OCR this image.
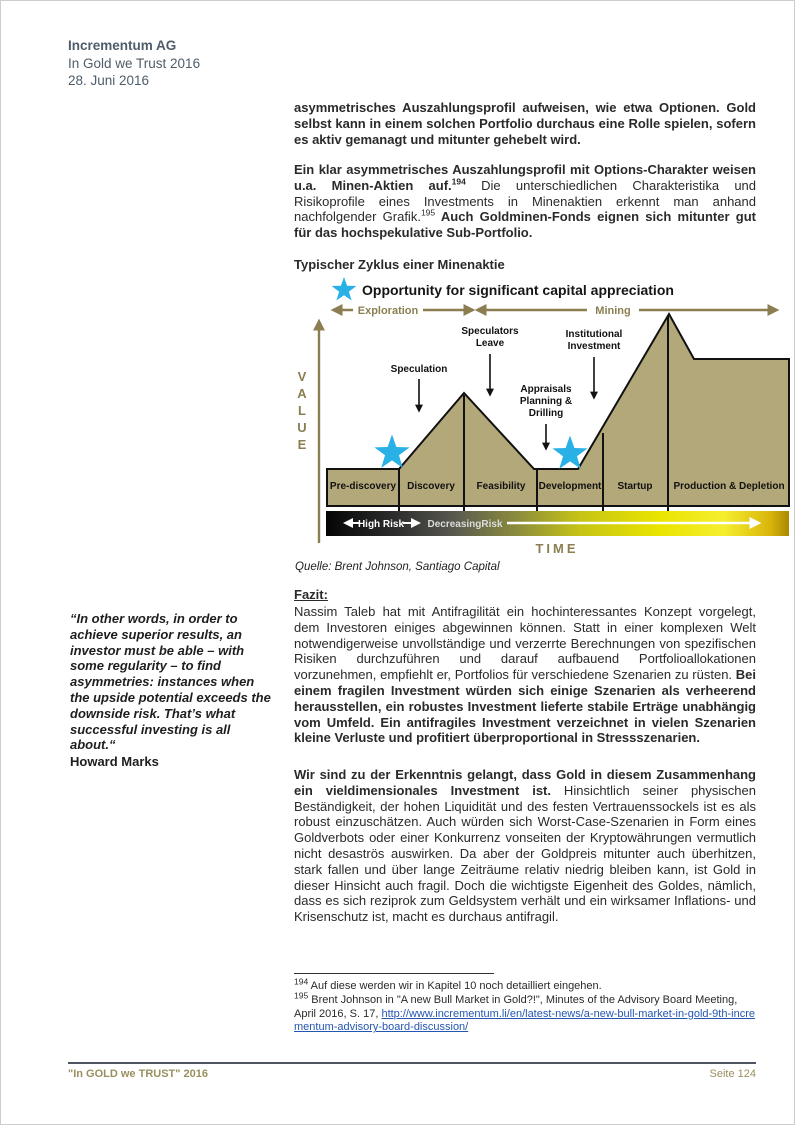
Incrementum AG
In Gold we Trust 2016
28. Juni 2016
asymmetrisches Auszahlungsprofil aufweisen, wie etwa Optionen. Gold selbst kann in einem solchen Portfolio durchaus eine Rolle spielen, sofern es aktiv gemanagt und mitunter gehebelt wird.
Ein klar asymmetrisches Auszahlungsprofil mit Options-Charakter weisen u.a. Minen-Aktien auf.$^{194}$ Die unterschiedlichen Charakteristika und Risikoprofile eines Investments in Minenaktien erkennt man anhand nachfolgender Grafik.$^{195}$ Auch Goldminen-Fonds eignen sich mitunter gut für das hochspekulative Sub-Portfolio.
Typischer Zyklus einer Minenaktie
Opportunity for significant capital appreciation
Exploration	Mining
V
A
L
U
E
Pre-discovery Discovery Feasibility Development Startup Production & Depletion
Speculation
Speculators
Leave
Institutional
Investment
Appraisals
Planning &
Drilling
High Risk DecreasingRisk
TIME
Quelle: Brent Johnson, Santiago Capital
“In other words, in order to achieve superior results, an investor must be able – with some regularity – to find asymmetries: instances when the upside potential exceeds the downside risk. That’s what successful investing is all about.“
Howard Marks
Fazit:
Nassim Taleb hat mit Antifragilität ein hochinteressantes Konzept vorgelegt, dem Investoren einiges abgewinnen können. Statt in einer komplexen Welt notwendigerweise unvollständige und verzerrte Berechnungen von spezifischen Risiken durchzuführen und darauf aufbauend Portfolioallokationen vorzunehmen, empfiehlt er, Portfolios für verschiedene Szenarien zu rüsten. Bei einem fragilen Investment würden sich einige Szenarien als verheerend herausstellen, ein robustes Investment lieferte stabile Erträge unabhängig vom Umfeld. Ein antifragiles Investment verzeichnet in vielen Szenarien kleine Verluste und profitiert überproportional in Stressszenarien.
Wir sind zu der Erkenntnis gelangt, dass Gold in diesem Zusammenhang ein vieldimensionales Investment ist. Hinsichtlich seiner physischen Beständigkeit, der hohen Liquidität und des festen Vertrauenssockels ist es als robust einzuschätzen. Auch würden sich Worst-Case-Szenarien in Form eines Goldverbots oder einer Konkurrenz vonseiten der Kryptowährungen vermutlich nicht desaströs auswirken. Da aber der Goldpreis mitunter auch überhitzen, stark fallen und über lange Zeiträume relativ niedrig bleiben kann, ist Gold in dieser Hinsicht auch fragil. Doch die wichtigste Eigenheit des Goldes, nämlich, dass es sich reziprok zum Geldsystem verhält und ein wirksamer Inflations- und Krisenschutz ist, macht es durchaus antifragil.
$^{194}$ Auf diese werden wir in Kapitel 10 noch detailliert eingehen.
$^{195}$ Brent Johnson in "A new Bull Market in Gold?!", Minutes of the Advisory Board Meeting, April 2016, S. 17, http://www.incrementum.li/en/latest-news/a-new-bull-market-in-gold-9th-incrementum-advisory-board-discussion/
"In GOLD we TRUST" 2016	Seite 124
